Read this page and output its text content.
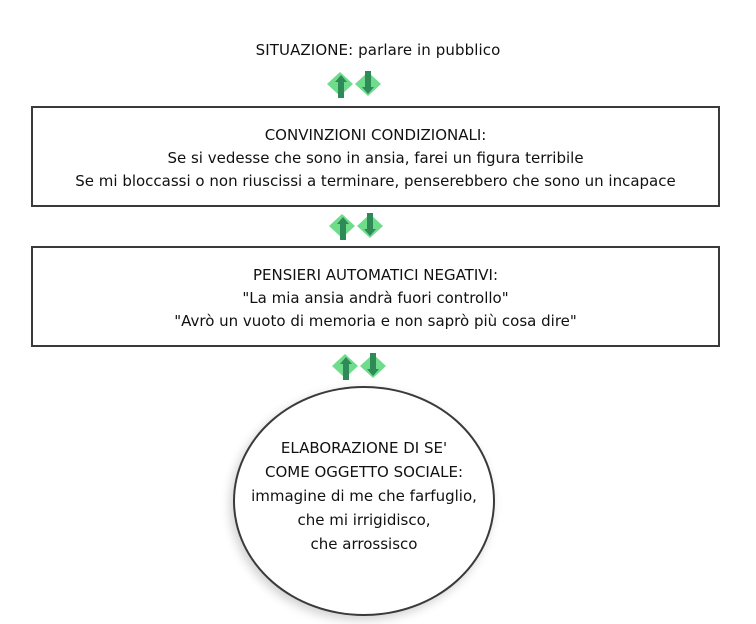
SITUAZIONE: parlare in pubblico
CONVINZIONI CONDIZIONALI:
Se si vedesse che sono in ansia, farei un figura terribile
Se mi bloccassi o non riuscissi a terminare, penserebbero che sono un incapace
PENSIERI AUTOMATICI NEGATIVI:
"La mia ansia andrà fuori controllo"
"Avrò un vuoto di memoria e non saprò più cosa dire"
ELABORAZIONE DI SE'
COME OGGETTO SOCIALE:
immagine di me che farfuglio,
che mi irrigidisco,
che arrossisco
